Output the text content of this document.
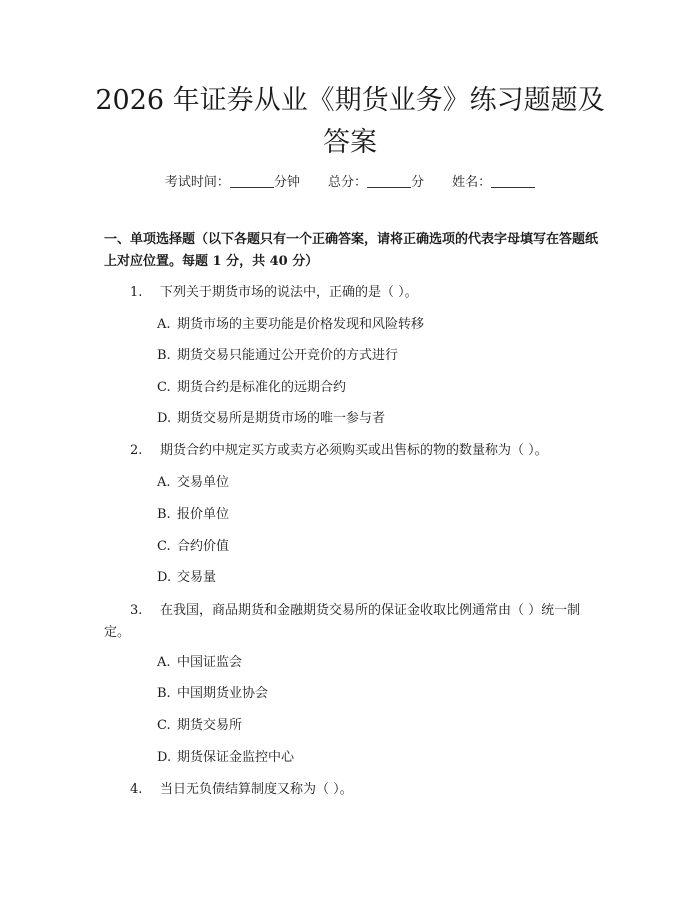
2026 年证券从业《期货业务》练习题题及答案
考试时间：	分钟 总分：	分 姓名：

一、单项选择题（以下各题只有一个正确答案，请将正确选项的代表字母填写在答题纸上对应位置。每题 1 分，共 40 分）

1. 下列关于期货市场的说法中，正确的是（ ）。

A. 期货市场的主要功能是价格发现和风险转移

B. 期货交易只能通过公开竞价的方式进行

C. 期货合约是标准化的远期合约

D. 期货交易所是期货市场的唯一参与者

2. 期货合约中规定买方或卖方必须购买或出售标的物的数量称为（ ）。

A. 交易单位

B. 报价单位

C. 合约价值

D. 交易量

3. 在我国，商品期货和金融期货交易所的保证金收取比例通常由（ ）统一制定。

A. 中国证监会

B. 中国期货业协会

C. 期货交易所

D. 期货保证金监控中心

4. 当日无负债结算制度又称为（ ）。
